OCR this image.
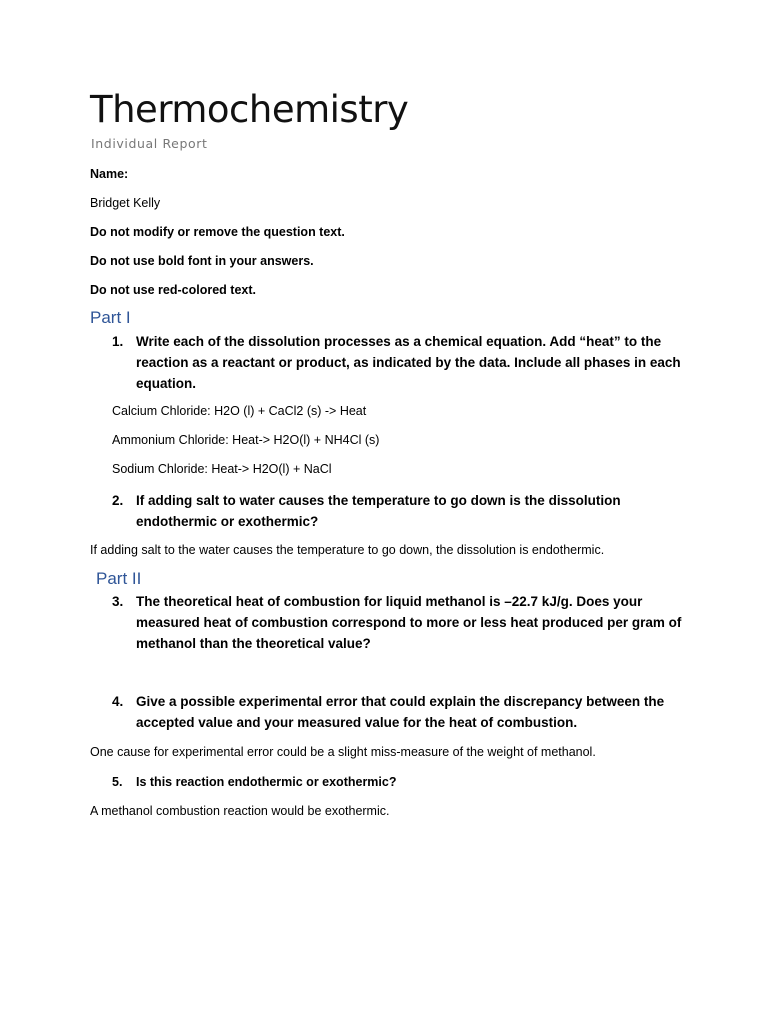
Thermochemistry
Individual Report
Name:
Bridget Kelly
Do not modify or remove the question text.
Do not use bold font in your answers.
Do not use red-colored text.
Part I
1. Write each of the dissolution processes as a chemical equation. Add “heat” to the reaction as a reactant or product, as indicated by the data. Include all phases in each equation.
Calcium Chloride: H2O (l) + CaCl2 (s) -> Heat
Ammonium Chloride: Heat-> H2O(l) + NH4Cl (s)
Sodium Chloride: Heat-> H2O(l) + NaCl
2. If adding salt to water causes the temperature to go down is the dissolution endothermic or exothermic?
If adding salt to the water causes the temperature to go down, the dissolution is endothermic.
Part II
3. The theoretical heat of combustion for liquid methanol is –22.7 kJ/g. Does your measured heat of combustion correspond to more or less heat produced per gram of methanol than the theoretical value?
4. Give a possible experimental error that could explain the discrepancy between the accepted value and your measured value for the heat of combustion.
One cause for experimental error could be a slight miss-measure of the weight of methanol.
5. Is this reaction endothermic or exothermic?
A methanol combustion reaction would be exothermic.
